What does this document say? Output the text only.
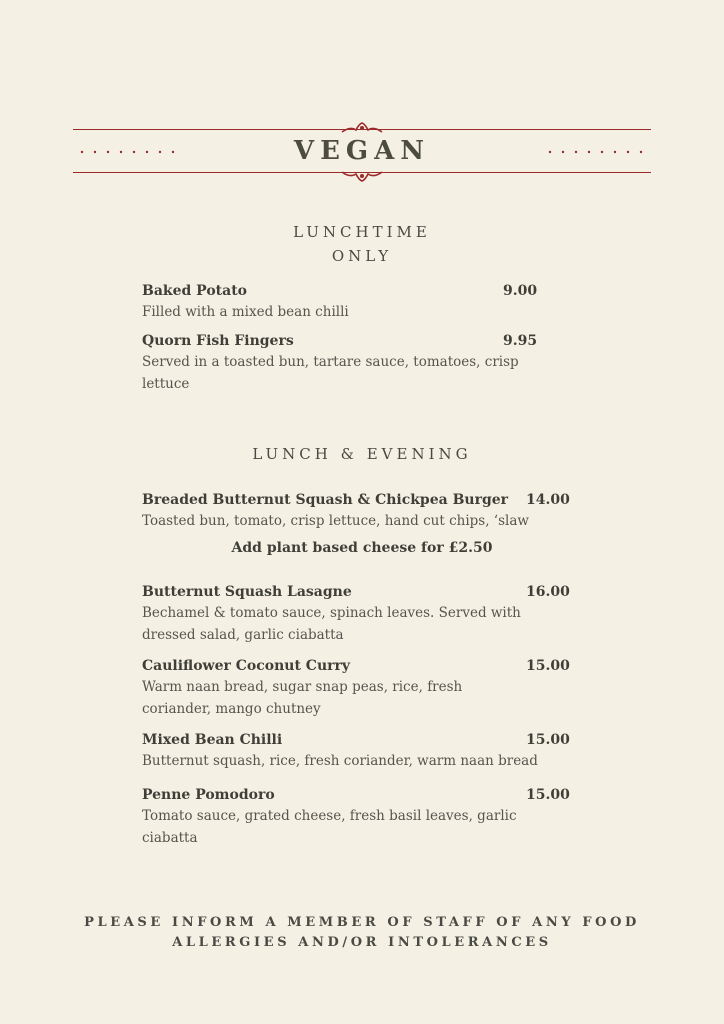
VEGAN
LUNCHTIME
ONLY
Baked Potato	9.00
Filled with a mixed bean chilli
Quorn Fish Fingers	9.95
Served in a toasted bun, tartare sauce, tomatoes, crisp lettuce
LUNCH & EVENING
Breaded Butternut Squash & Chickpea Burger	14.00
Toasted bun, tomato, crisp lettuce, hand cut chips, ‘slaw
Add plant based cheese for £2.50
Butternut Squash Lasagne	16.00
Bechamel & tomato sauce, spinach leaves. Served with dressed salad, garlic ciabatta
Cauliflower Coconut Curry	15.00
Warm naan bread, sugar snap peas, rice, fresh coriander, mango chutney
Mixed Bean Chilli	15.00
Butternut squash, rice, fresh coriander, warm naan bread
Penne Pomodoro	15.00
Tomato sauce, grated cheese, fresh basil leaves, garlic ciabatta
PLEASE INFORM A MEMBER OF STAFF OF ANY FOOD
ALLERGIES AND/OR INTOLERANCES
